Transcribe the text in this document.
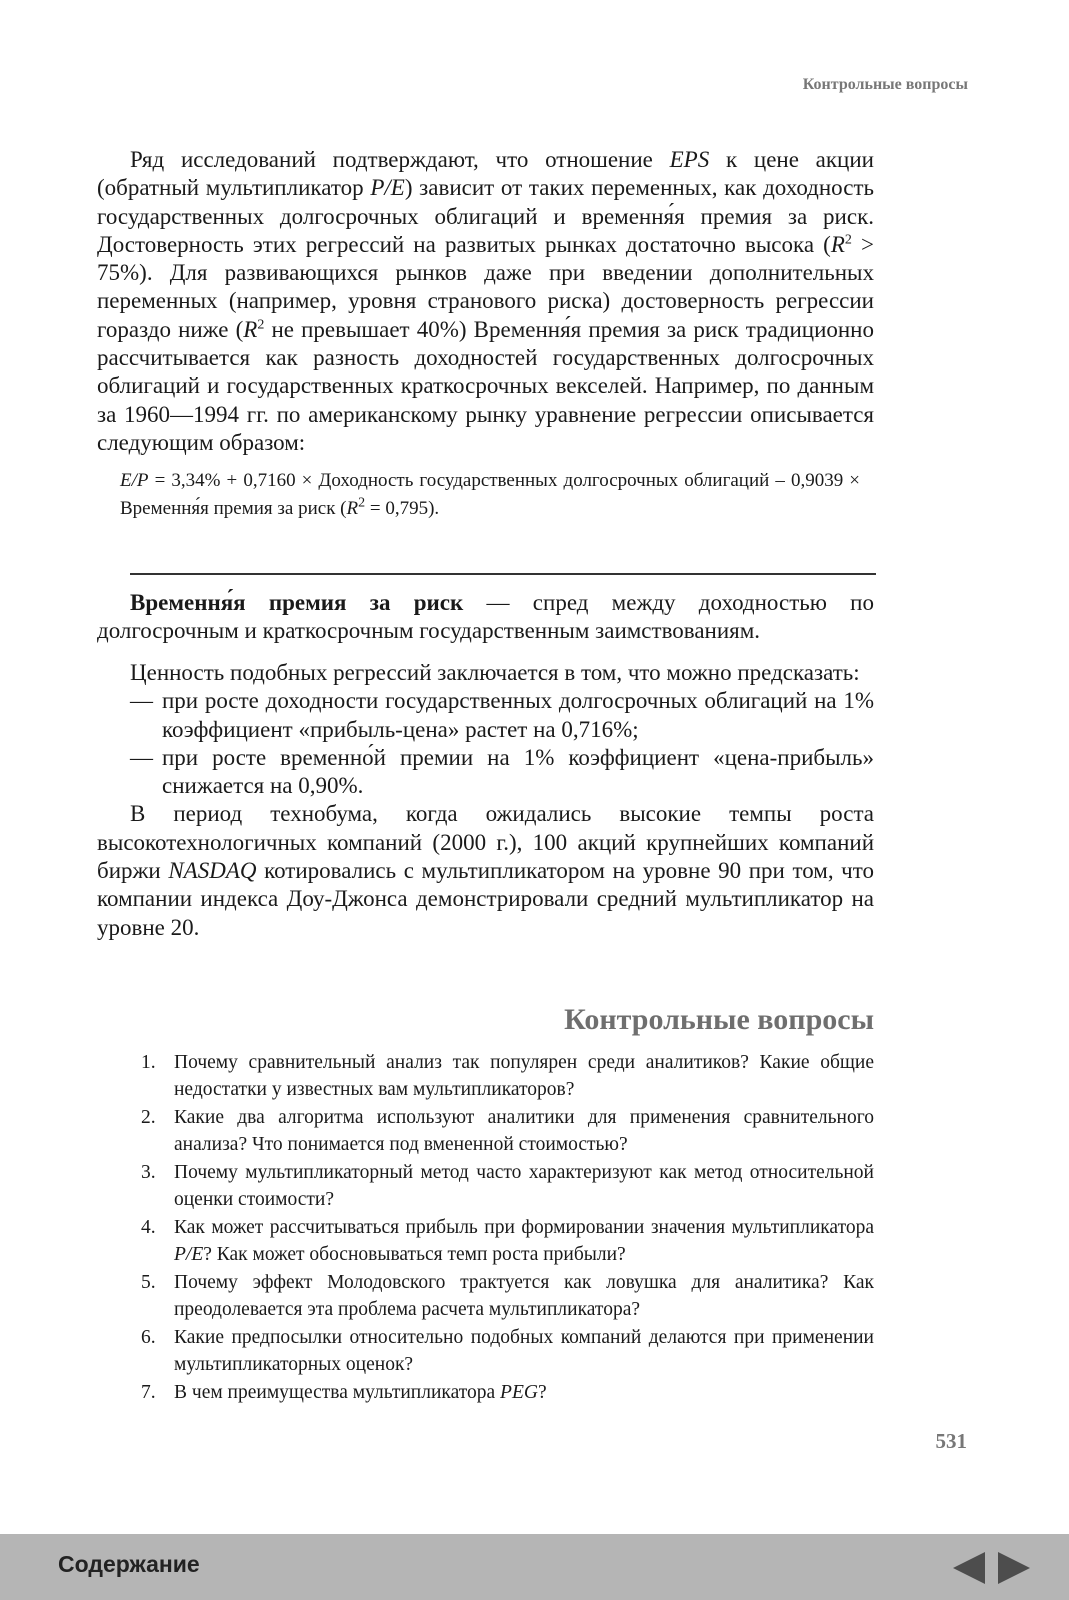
Контрольные вопросы

Ряд исследований подтверждают, что отношение EPS к цене акции (обратный мультипликатор P/E) зависит от таких переменных, как доходность государственных долгосрочных облигаций и времення́я премия за риск. Достоверность этих регрессий на развитых рынках достаточно высока $(R^2 > 75\%)$. Для развивающихся рынков даже при введении дополнительных переменных (например, уровня странового риска) достоверность регрессии гораздо ниже ($R^2$ не превышает 40%) Времення́я премия за риск традиционно рассчитывается как разность доходностей государственных долгосрочных облигаций и государственных краткосрочных векселей. Например, по данным за 1960—1994 гг. по американскому рынку уравнение регрессии описывается следующим образом:

E/P = 3,34% + 0,7160 × Доходность государственных долгосрочных облигаций – 0,9039 × Времення́я премия за риск $(R^2 = 0,795)$.

Времення́я премия за риск — спред между доходностью по долгосрочным и краткосрочным государственным заимствованиям.

Ценность подобных регрессий заключается в том, что можно предсказать:

— при росте доходности государственных долгосрочных облигаций на 1% коэффициент «прибыль-цена» растет на 0,716%;

— при росте временно́й премии на 1% коэффициент «цена-прибыль» снижается на 0,90%.

В период технобума, когда ожидались высокие темпы роста высокотехнологичных компаний (2000 г.), 100 акций крупнейших компаний биржи NASDAQ котировались с мультипликатором на уровне 90 при том, что компании индекса Доу-Джонса демонстрировали средний мультипликатор на уровне 20.

Контрольные вопросы

1. Почему сравнительный анализ так популярен среди аналитиков? Какие общие недостатки у известных вам мультипликаторов?

2. Какие два алгоритма используют аналитики для применения сравнительного анализа? Что понимается под вмененной стоимостью?

3. Почему мультипликаторный метод часто характеризуют как метод относительной оценки стоимости?

4. Как может рассчитываться прибыль при формировании значения мультипликатора P/E? Как может обосновываться темп роста прибыли?

5. Почему эффект Молодовского трактуется как ловушка для аналитика? Как преодолевается эта проблема расчета мультипликатора?

6. Какие предпосылки относительно подобных компаний делаются при применении мультипликаторных оценок?

7. В чем преимущества мультипликатора PEG?

531
Содержание
